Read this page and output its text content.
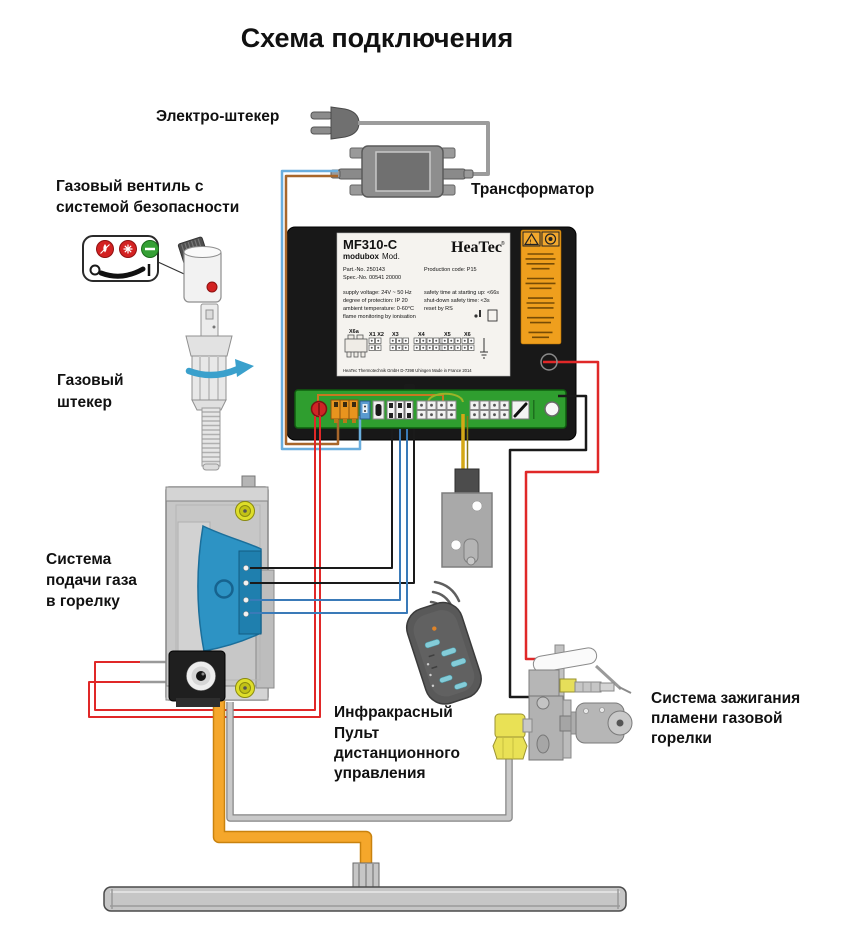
MF310-C
modubox Mod.
HeaTec ®
Part.-No. 250143
Spec.-No. 00541 20000
Production code: P15
supply voltage: 24V ~ 50 Hz
degree of protection: IP 20
ambient temperature: 0-60°C
flame monitoring by ionisation
safety time at starting up: <66s
shut-down safety time: <3s
reset by RS
X6a X1 X2 X3	X4	X5 X6
HeaTec Thermotechnik GmbH D-7398 Uhingen Made in France 2014
!
Схема подключения
Электро-штекер
Трансформатор
Газовый вентиль с
системой безопасности
Газовый
штекер
Система
подачи газа
в горелку
Инфракрасный
Пульт
дистанционного
управления
Система зажигания
пламени газовой
горелки
